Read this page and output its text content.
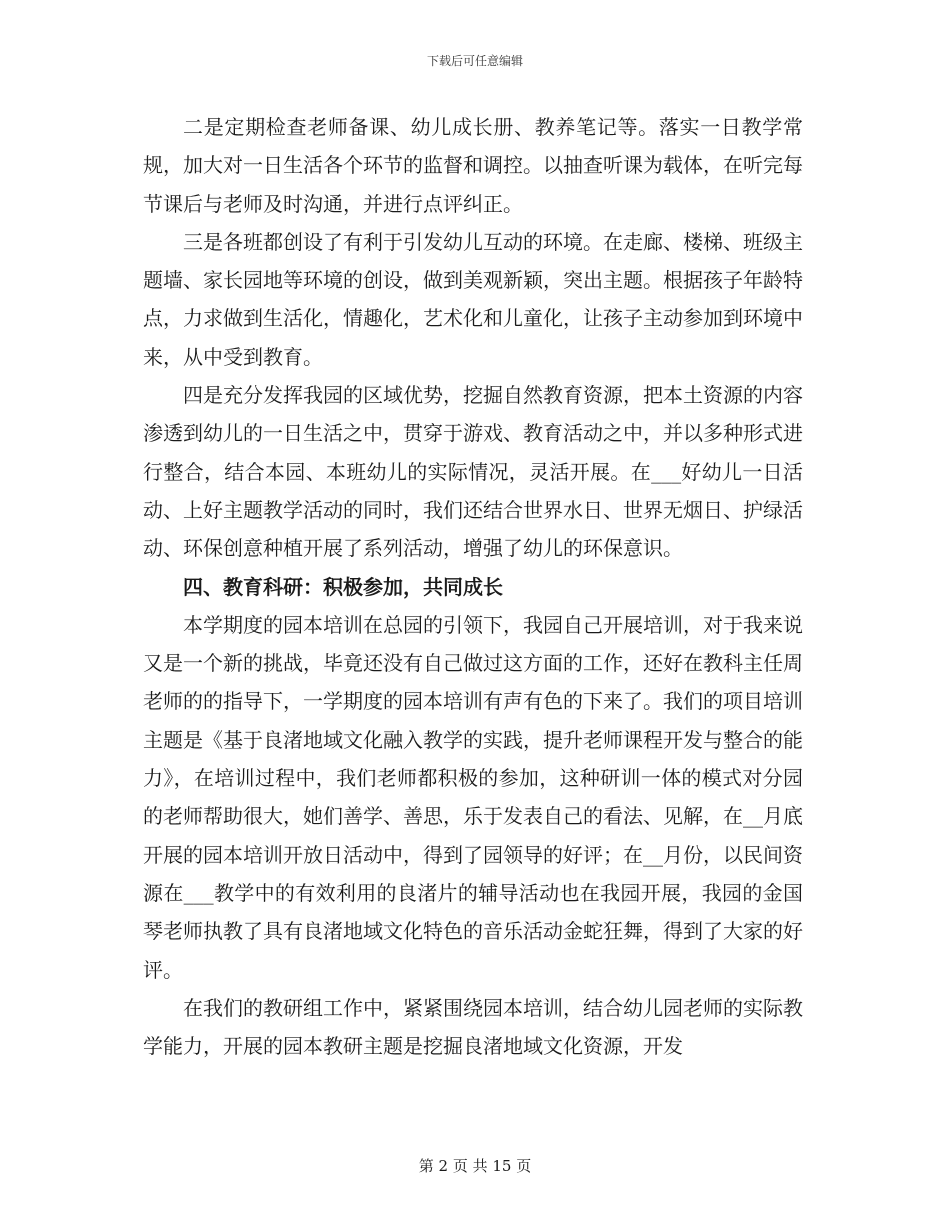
下载后可任意编辑

二是定期检查老师备课、幼儿成长册、教养笔记等。落实一日教学常规，加大对一日生活各个环节的监督和调控。以抽查听课为载体，在听完每节课后与老师及时沟通，并进行点评纠正。

三是各班都创设了有利于引发幼儿互动的环境。在走廊、楼梯、班级主题墙、家长园地等环境的创设，做到美观新颖，突出主题。根据孩子年龄特点，力求做到生活化，情趣化，艺术化和儿童化，让孩子主动参加到环境中来，从中受到教育。

四是充分发挥我园的区域优势，挖掘自然教育资源，把本土资源的内容渗透到幼儿的一日生活之中，贯穿于游戏、教育活动之中，并以多种形式进行整合，结合本园、本班幼儿的实际情况，灵活开展。在___好幼儿一日活动、上好主题教学活动的同时，我们还结合世界水日、世界无烟日、护绿活动、环保创意种植开展了系列活动，增强了幼儿的环保意识。

四、教育科研：积极参加，共同成长

本学期度的园本培训在总园的引领下，我园自己开展培训，对于我来说又是一个新的挑战，毕竟还没有自己做过这方面的工作，还好在教科主任周老师的的指导下，一学期度的园本培训有声有色的下来了。我们的项目培训主题是《基于良渚地域文化融入教学的实践，提升老师课程开发与整合的能力》，在培训过程中，我们老师都积极的参加，这种研训一体的模式对分园的老师帮助很大，她们善学、善思，乐于发表自己的看法、见解，在__月底开展的园本培训开放日活动中，得到了园领导的好评；在__月份，以民间资源在___教学中的有效利用的良渚片的辅导活动也在我园开展，我园的金国琴老师执教了具有良渚地域文化特色的音乐活动金蛇狂舞，得到了大家的好评。

在我们的教研组工作中，紧紧围绕园本培训，结合幼儿园老师的实际教学能力，开展的园本教研主题是挖掘良渚地域文化资源，开发

第 2 页 共 15 页
